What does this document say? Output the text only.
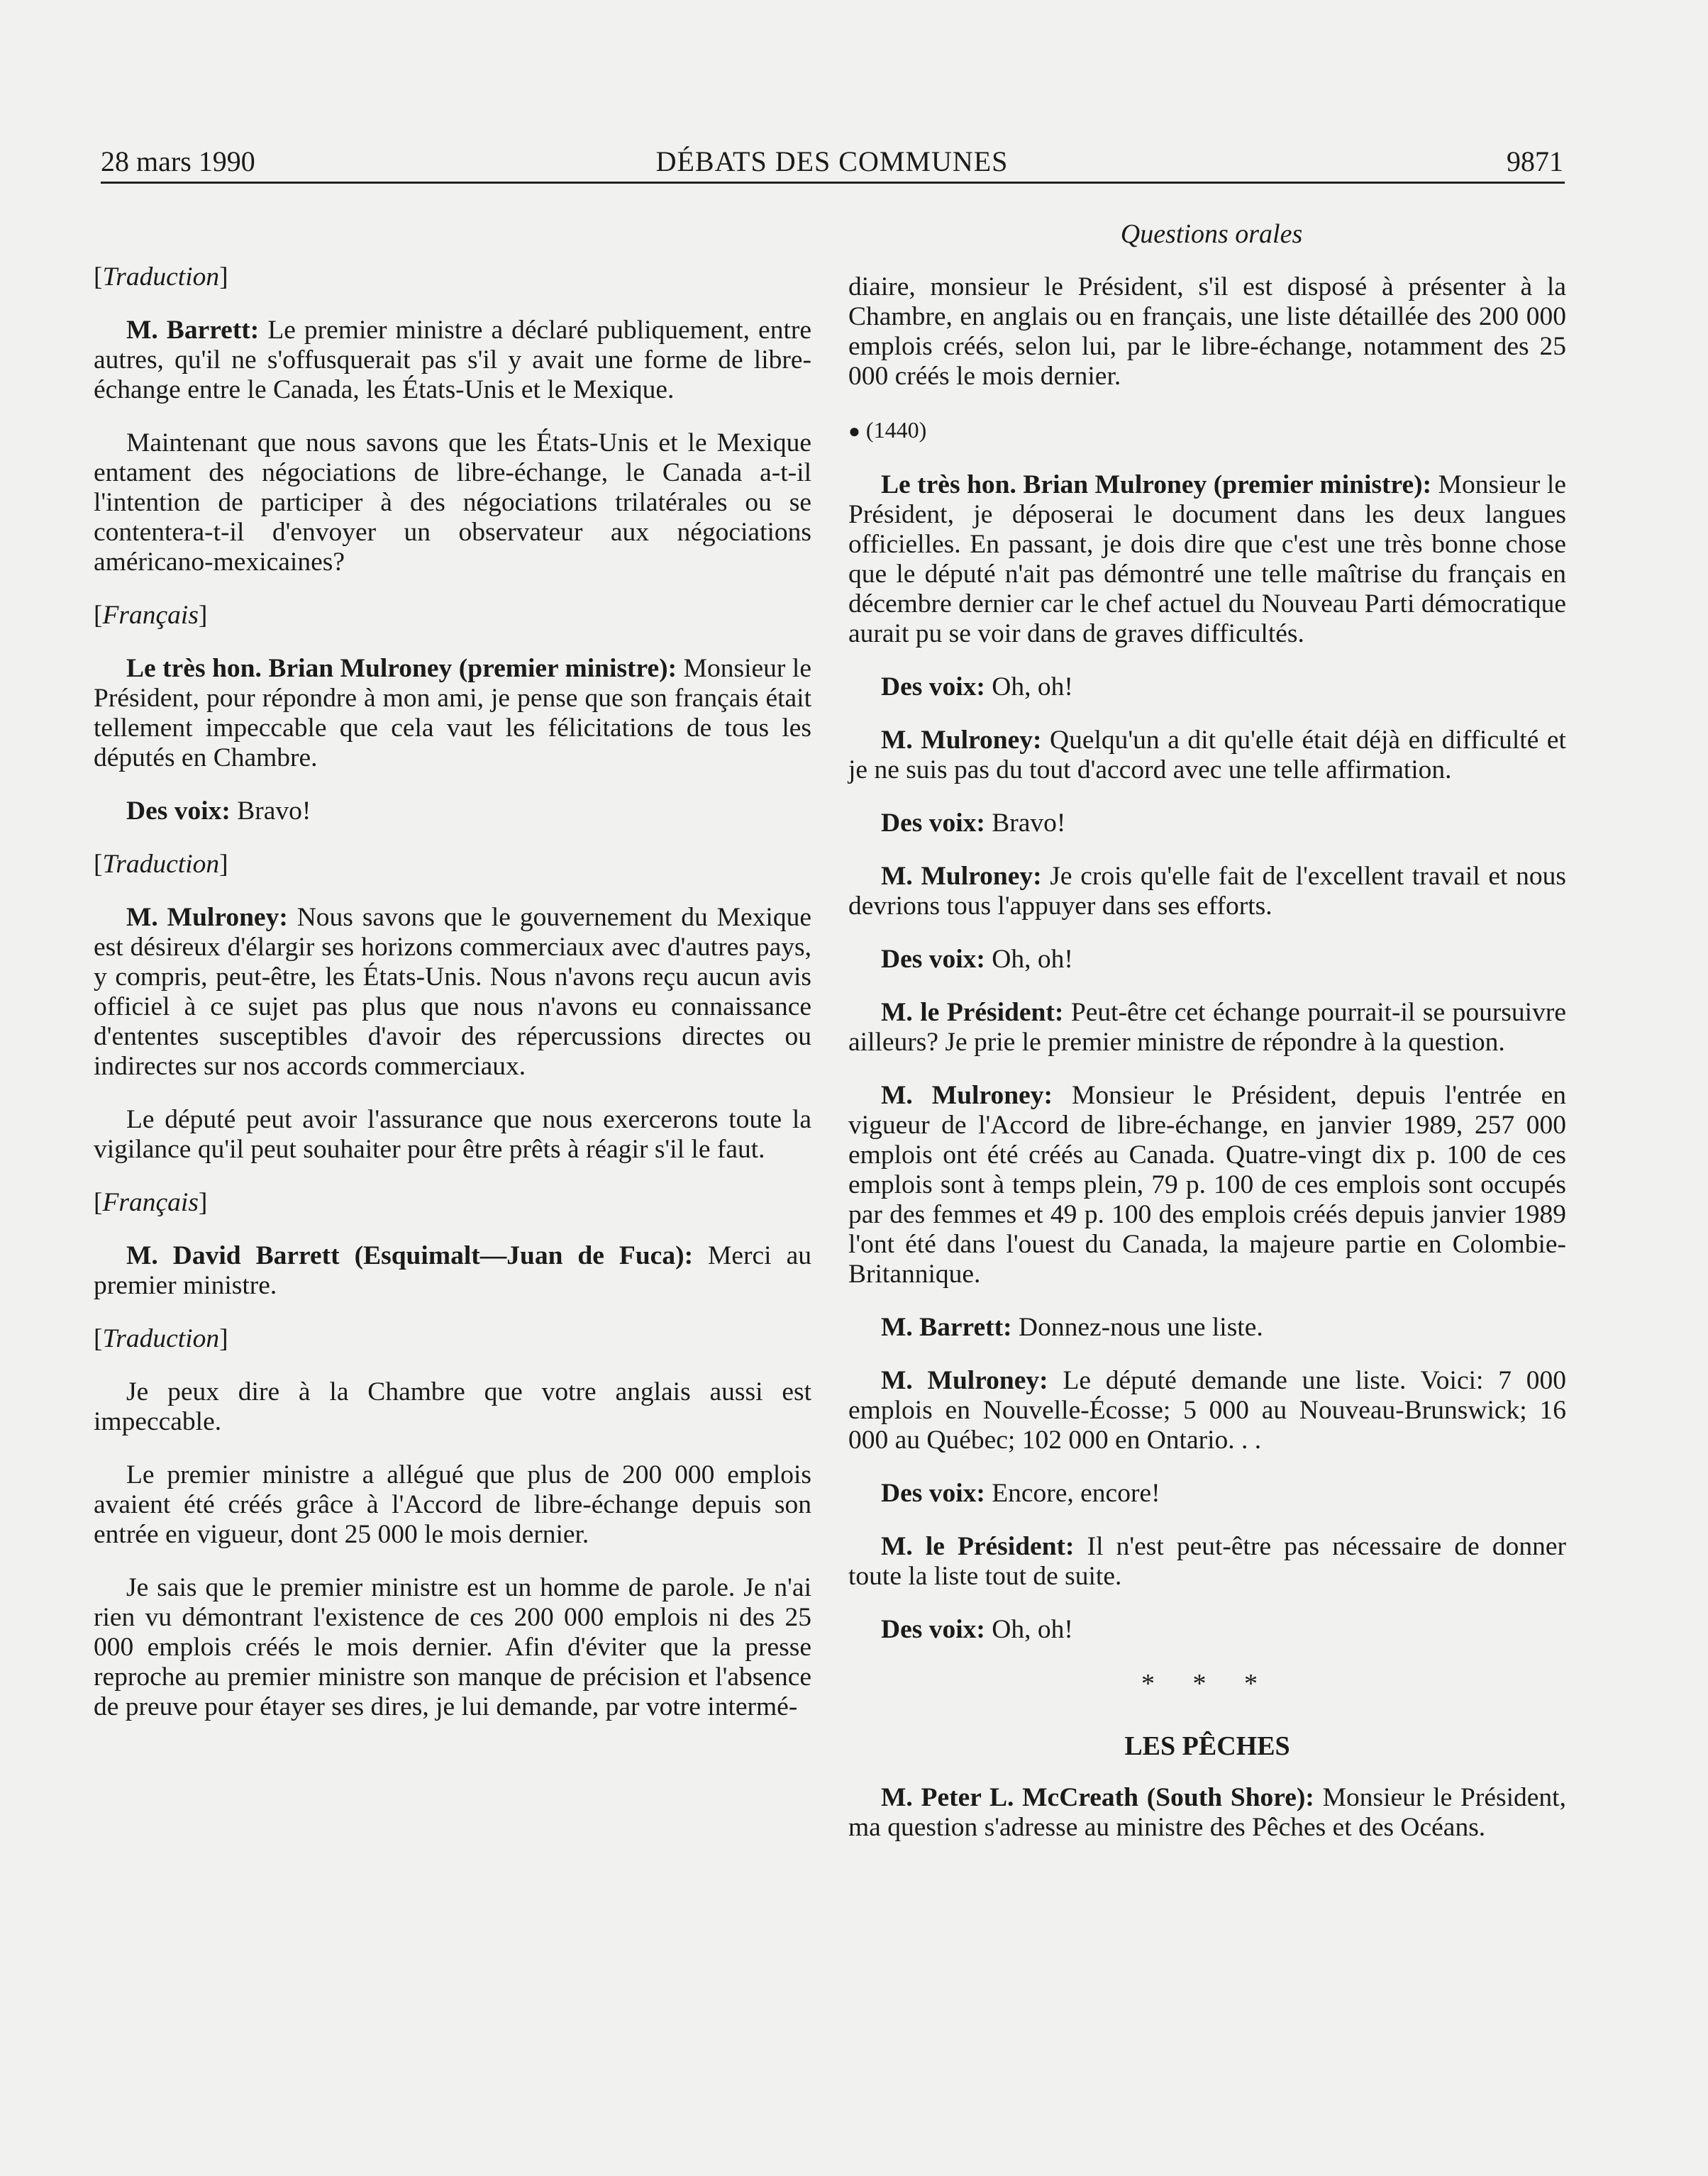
28 mars 1990	DÉBATS DES COMMUNES	9871
Questions orales

[Traduction]

M. Barrett: Le premier ministre a déclaré publiquement, entre autres, qu'il ne s'offusquerait pas s'il y avait une forme de libre-échange entre le Canada, les États-Unis et le Mexique.

Maintenant que nous savons que les États-Unis et le Mexique entament des négociations de libre-échange, le Canada a-t-il l'intention de participer à des négociations trilatérales ou se contentera-t-il d'envoyer un observateur aux négociations américano-mexicaines?

[Français]

Le très hon. Brian Mulroney (premier ministre): Monsieur le Président, pour répondre à mon ami, je pense que son français était tellement impeccable que cela vaut les félicitations de tous les députés en Chambre.

Des voix: Bravo!

[Traduction]

M. Mulroney: Nous savons que le gouvernement du Mexique est désireux d'élargir ses horizons commerciaux avec d'autres pays, y compris, peut-être, les États-Unis. Nous n'avons reçu aucun avis officiel à ce sujet pas plus que nous n'avons eu connaissance d'ententes susceptibles d'avoir des répercussions directes ou indirectes sur nos accords commerciaux.

Le député peut avoir l'assurance que nous exercerons toute la vigilance qu'il peut souhaiter pour être prêts à réagir s'il le faut.

[Français]

M. David Barrett (Esquimalt—Juan de Fuca): Merci au premier ministre.

[Traduction]

Je peux dire à la Chambre que votre anglais aussi est impeccable.

Le premier ministre a allégué que plus de 200 000 emplois avaient été créés grâce à l'Accord de libre-échange depuis son entrée en vigueur, dont 25 000 le mois dernier.

Je sais que le premier ministre est un homme de parole. Je n'ai rien vu démontrant l'existence de ces 200 000 emplois ni des 25 000 emplois créés le mois dernier. Afin d'éviter que la presse reproche au premier ministre son manque de précision et l'absence de preuve pour étayer ses dires, je lui demande, par votre intermé-

diaire, monsieur le Président, s'il est disposé à présenter à la Chambre, en anglais ou en français, une liste détaillée des 200 000 emplois créés, selon lui, par le libre-échange, notamment des 25 000 créés le mois dernier.

● (1440)

Le très hon. Brian Mulroney (premier ministre): Monsieur le Président, je déposerai le document dans les deux langues officielles. En passant, je dois dire que c'est une très bonne chose que le député n'ait pas démontré une telle maîtrise du français en décembre dernier car le chef actuel du Nouveau Parti démocratique aurait pu se voir dans de graves difficultés.

Des voix: Oh, oh!

M. Mulroney: Quelqu'un a dit qu'elle était déjà en difficulté et je ne suis pas du tout d'accord avec une telle affirmation.

Des voix: Bravo!

M. Mulroney: Je crois qu'elle fait de l'excellent travail et nous devrions tous l'appuyer dans ses efforts.

Des voix: Oh, oh!

M. le Président: Peut-être cet échange pourrait-il se poursuivre ailleurs? Je prie le premier ministre de répondre à la question.

M. Mulroney: Monsieur le Président, depuis l'entrée en vigueur de l'Accord de libre-échange, en janvier 1989, 257 000 emplois ont été créés au Canada. Quatre-vingt dix p. 100 de ces emplois sont à temps plein, 79 p. 100 de ces emplois sont occupés par des femmes et 49 p. 100 des emplois créés depuis janvier 1989 l'ont été dans l'ouest du Canada, la majeure partie en Colombie-Britannique.

M. Barrett: Donnez-nous une liste.

M. Mulroney: Le député demande une liste. Voici: 7 000 emplois en Nouvelle-Écosse; 5 000 au Nouveau-Brunswick; 16 000 au Québec; 102 000 en Ontario. . .

Des voix: Encore, encore!

M. le Président: Il n'est peut-être pas nécessaire de donner toute la liste tout de suite.

Des voix: Oh, oh!

* * *
LES PÊCHES

M. Peter L. McCreath (South Shore): Monsieur le Président, ma question s'adresse au ministre des Pêches et des Océans.
